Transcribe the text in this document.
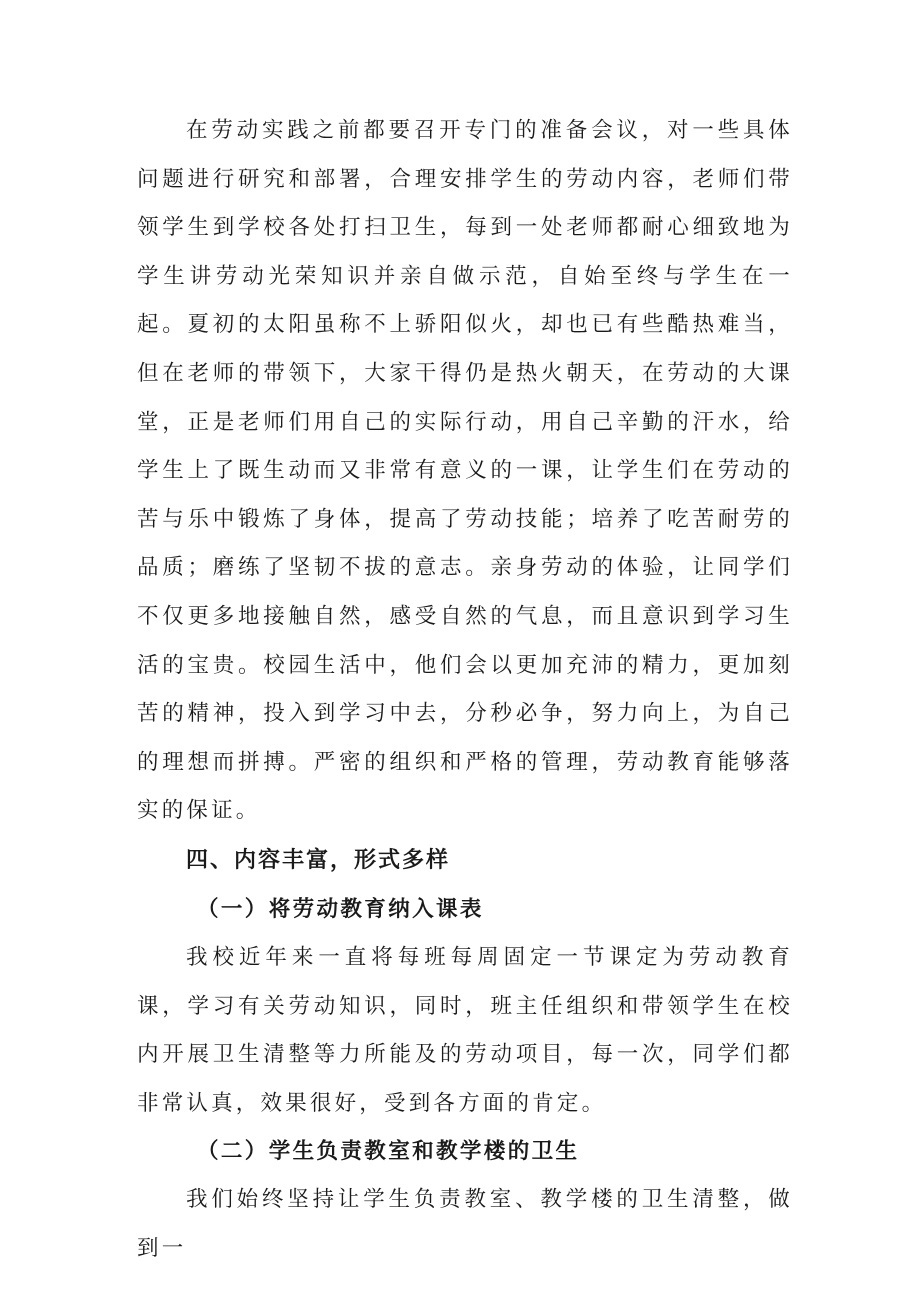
在劳动实践之前都要召开专门的准备会议，对一些具体问题进行研究和部署，合理安排学生的劳动内容，老师们带领学生到学校各处打扫卫生，每到一处老师都耐心细致地为学生讲劳动光荣知识并亲自做示范，自始至终与学生在一起。夏初的太阳虽称不上骄阳似火，却也已有些酷热难当，但在老师的带领下，大家干得仍是热火朝天，在劳动的大课堂，正是老师们用自己的实际行动，用自己辛勤的汗水，给学生上了既生动而又非常有意义的一课，让学生们在劳动的苦与乐中锻炼了身体，提高了劳动技能；培养了吃苦耐劳的品质；磨练了坚韧不拔的意志。亲身劳动的体验，让同学们不仅更多地接触自然，感受自然的气息，而且意识到学习生活的宝贵。校园生活中，他们会以更加充沛的精力，更加刻苦的精神，投入到学习中去，分秒必争，努力向上，为自己的理想而拼搏。严密的组织和严格的管理，劳动教育能够落实的保证。

四、内容丰富，形式多样
（一）将劳动教育纳入课表

我校近年来一直将每班每周固定一节课定为劳动教育课，学习有关劳动知识，同时，班主任组织和带领学生在校内开展卫生清整等力所能及的劳动项目，每一次，同学们都非常认真，效果很好，受到各方面的肯定。

（二）学生负责教室和教学楼的卫生

我们始终坚持让学生负责教室、教学楼的卫生清整，做到一
